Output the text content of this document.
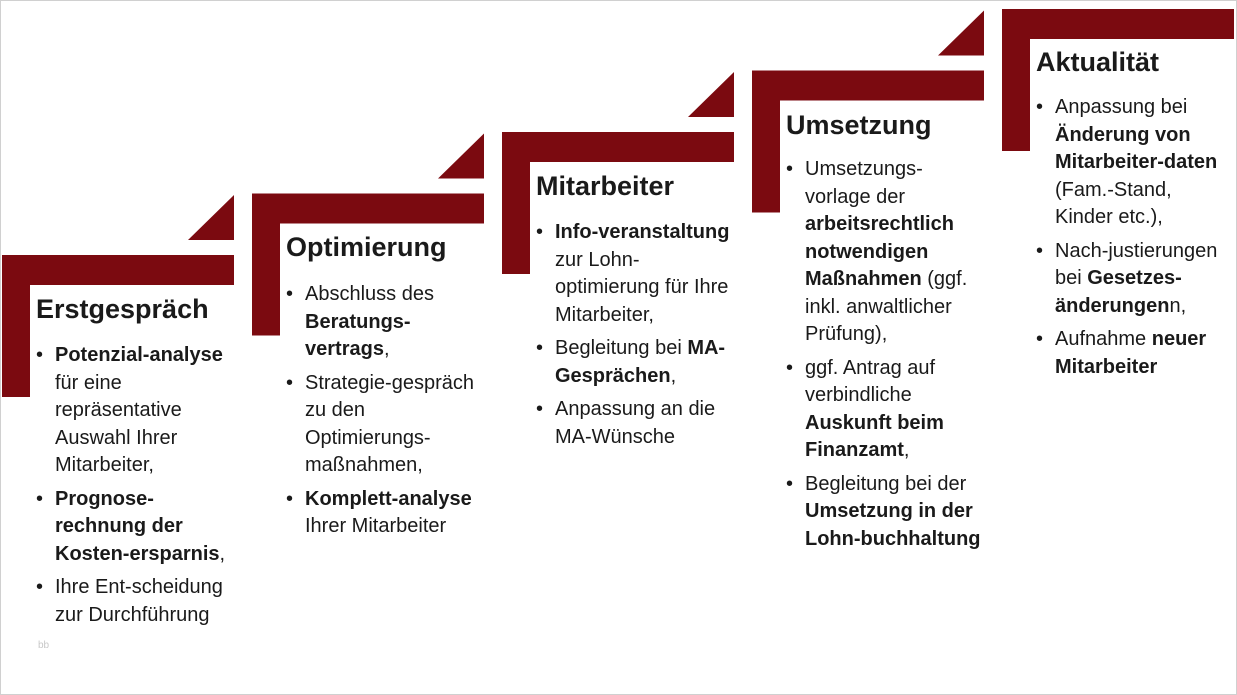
Erstgespräch
• Potenzial-analyse für eine repräsentative Auswahl Ihrer Mitarbeiter,
• Prognose-rechnung der Kosten-ersparnis,
• Ihre Ent-scheidung zur Durchführung
Optimierung
• Abschluss des Beratungs-vertrags,
• Strategie-gespräch zu den Optimierungs-maßnahmen,
• Komplett-analyse Ihrer Mitarbeiter
Mitarbeiter
• Info-veranstaltung zur Lohn-optimierung für Ihre Mitarbeiter,
• Begleitung bei MA-Gesprächen,
• Anpassung an die MA-Wünsche
Umsetzung
• Umsetzungs-vorlage der arbeitsrechtlich notwendigen Maßnahmen (ggf. inkl. anwaltlicher Prüfung),
• ggf. Antrag auf verbindliche Auskunft beim Finanzamt,
• Begleitung bei der Umsetzung in der Lohn-buchhaltung
Aktualität
• Anpassung bei Änderung von Mitarbeiter-daten (Fam.-Stand, Kinder etc.),
• Nach-justierungen bei Gesetzes-änderungenn,
• Aufnahme neuer Mitarbeiter
bb
